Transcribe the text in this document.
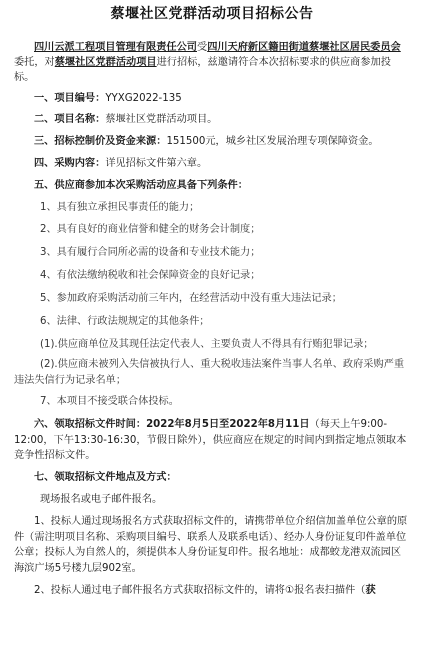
蔡堰社区党群活动项目招标公告
四川云派工程项目管理有限责任公司受四川天府新区籍田街道蔡堰社区居民委员会委托，对蔡堰社区党群活动项目进行招标，兹邀请符合本次招标要求的供应商参加投标。
一、项目编号：YYXG2022-135
二、项目名称：蔡堰社区党群活动项目。
三、招标控制价及资金来源：151500元，城乡社区发展治理专项保障资金。
四、采购内容：详见招标文件第六章。
五、供应商参加本次采购活动应具备下列条件：
1、具有独立承担民事责任的能力；
2、具有良好的商业信誉和健全的财务会计制度；
3、具有履行合同所必需的设备和专业技术能力；
4、有依法缴纳税收和社会保障资金的良好记录；
5、参加政府采购活动前三年内，在经营活动中没有重大违法记录；
6、法律、行政法规规定的其他条件；
(1).供应商单位及其现任法定代表人、主要负责人不得具有行贿犯罪记录；
(2).供应商未被列入失信被执行人、重大税收违法案件当事人名单、政府采购严重违法失信行为记录名单；
7、本项目不接受联合体投标。
六、领取招标文件时间：2022年8月5日至2022年8月11日（每天上午9:00-12:00，下午13:30-16:30，节假日除外），供应商应在规定的时间内到指定地点领取本竞争性招标文件。
七、领取招标文件地点及方式：
现场报名或电子邮件报名。
1、投标人通过现场报名方式获取招标文件的，请携带单位介绍信加盖单位公章的原件（需注明项目名称、采购项目编号、联系人及联系电话）、经办人身份证复印件盖单位公章；投标人为自然人的，须提供本人身份证复印件。报名地址：成都蛟龙港双流园区海滨广场5号楼九层902室。
2、投标人通过电子邮件报名方式获取招标文件的，请将①报名表扫描件（获
